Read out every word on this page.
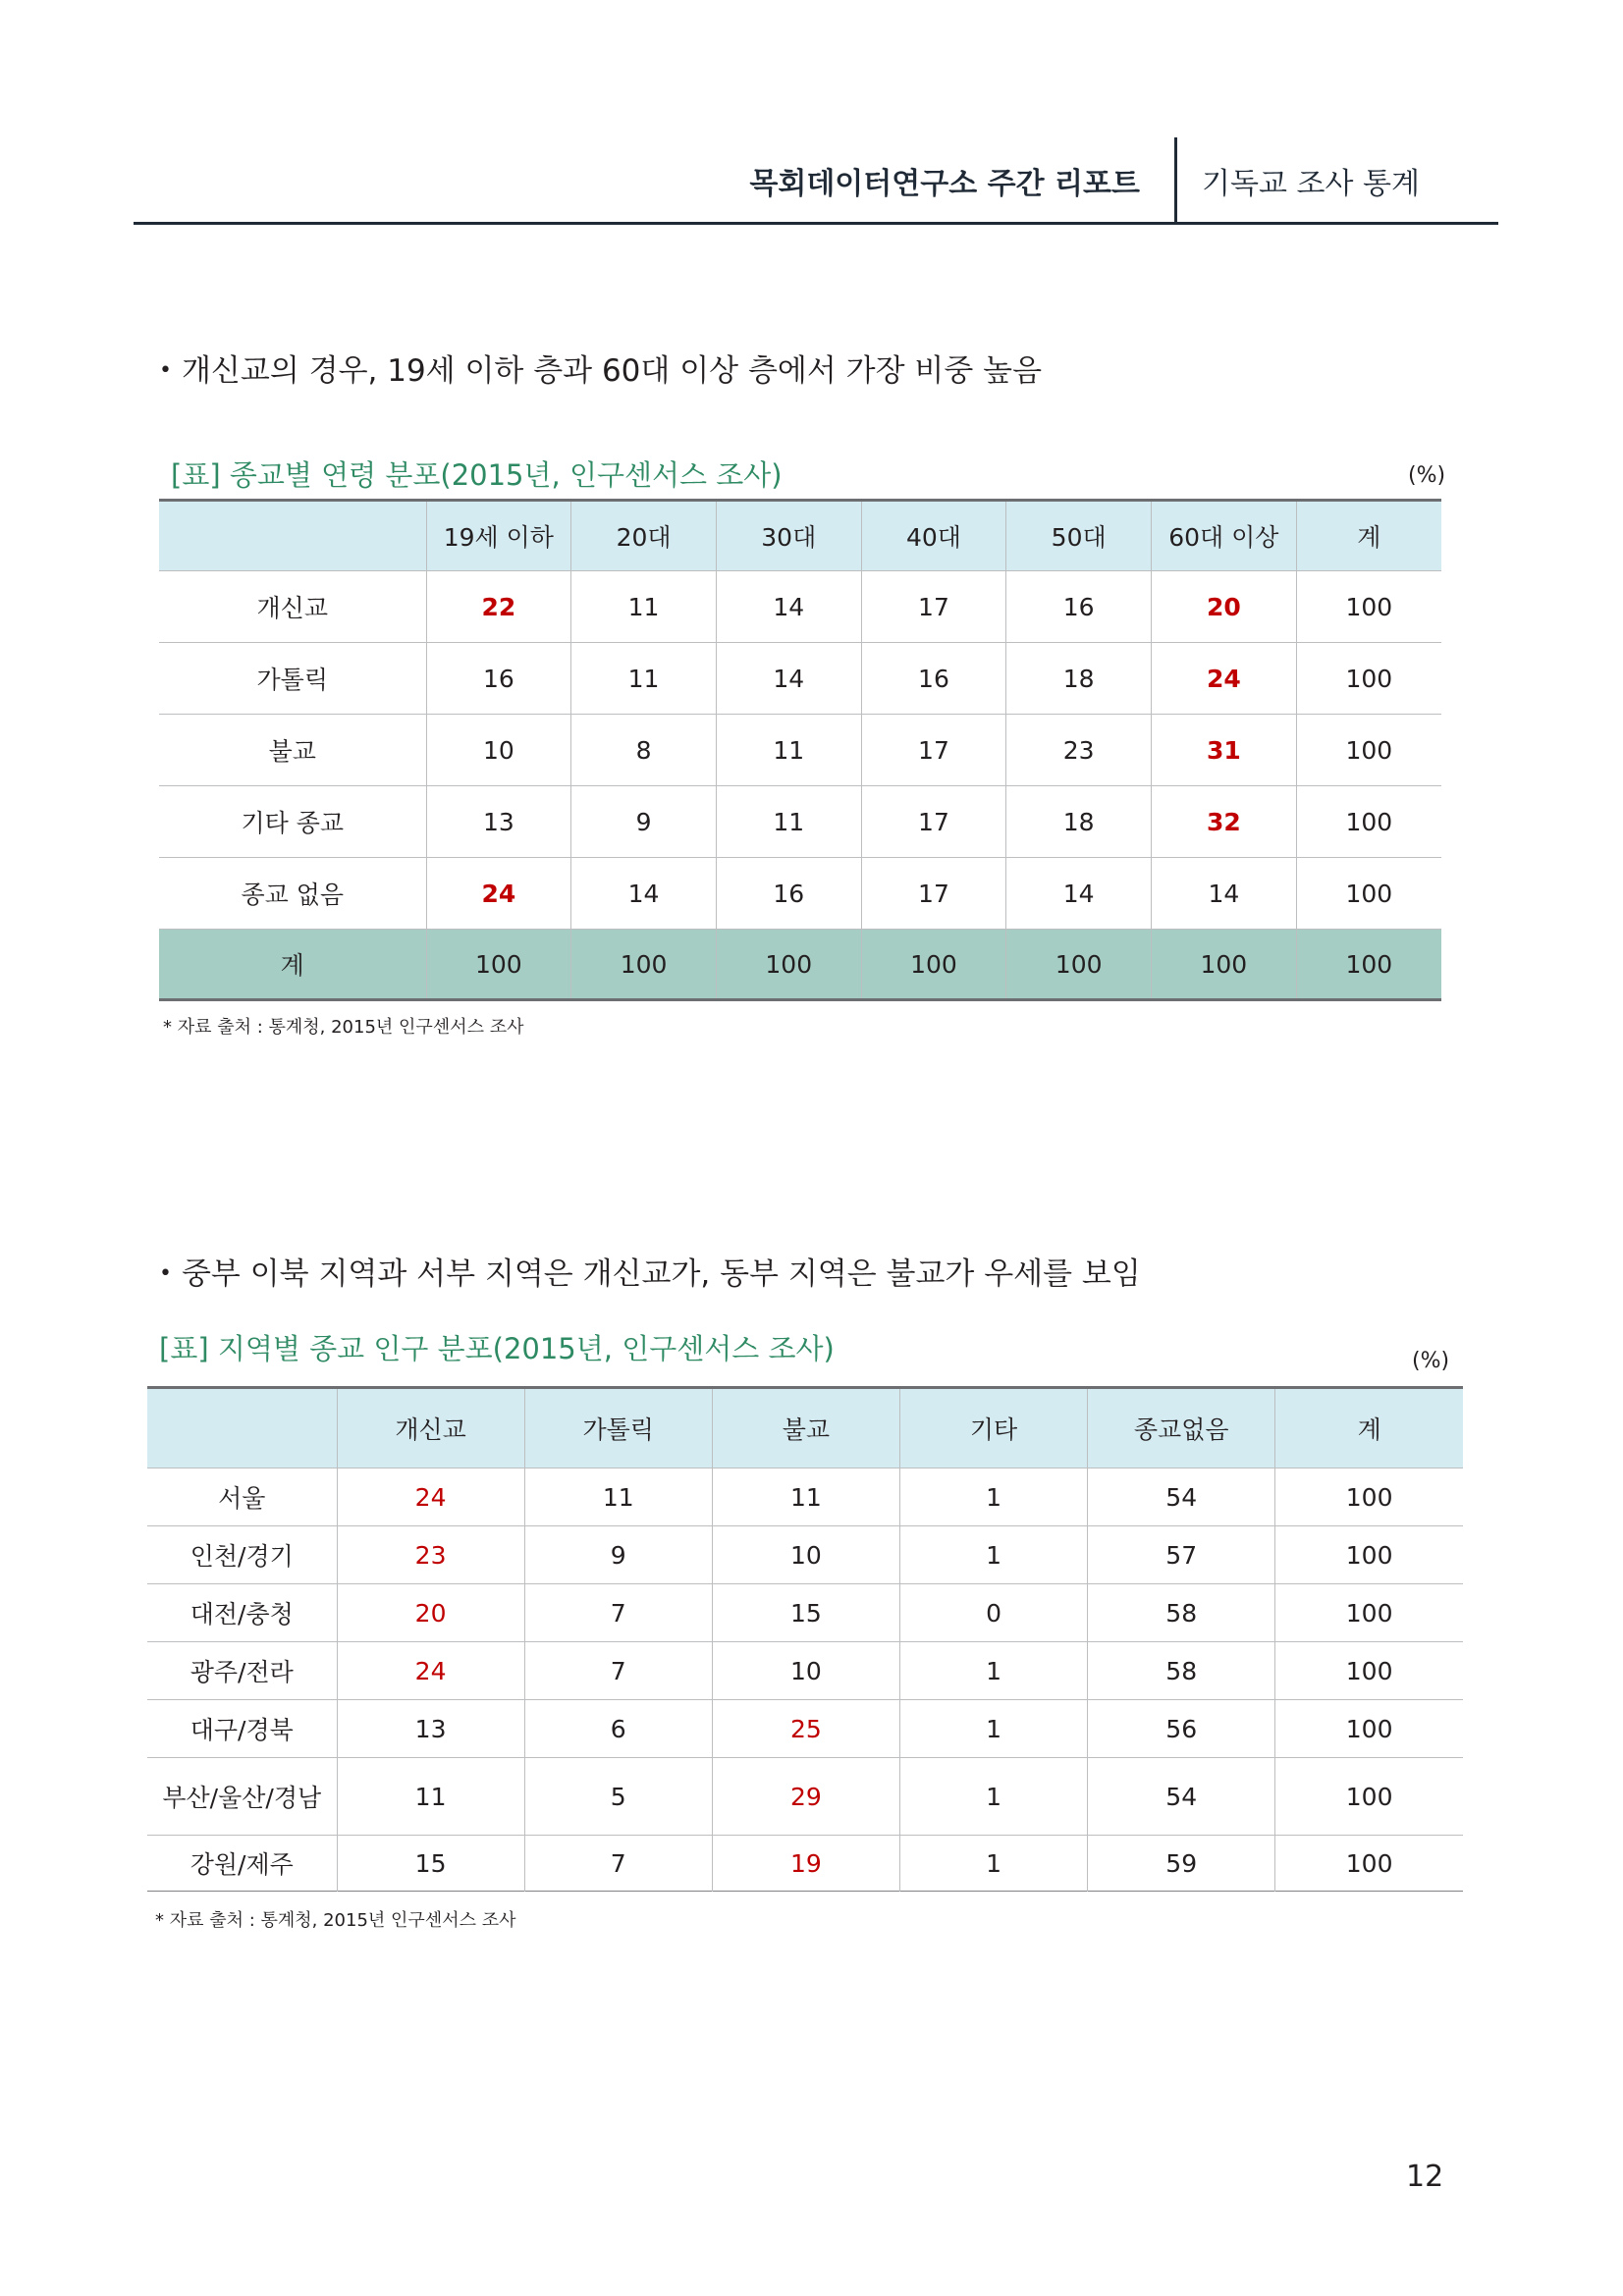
목회데이터연구소 주간 리포트 기독교 조사 통계
• 개신교의 경우, 19세 이하 층과 60대 이상 층에서 가장 비중 높음
[표] 종교별 연령 분포(2015년, 인구센서스 조사)	(%)
	19세 이하	20대	30대	40대	50대	60대 이상	계
개신교	22	11	14	17	16	20	100
가톨릭	16	11	14	16	18	24	100
불교	10	8	11	17	23	31	100
기타 종교	13	9	11	17	18	32	100
종교 없음	24	14	16	17	14	14	100
계	100	100	100	100	100	100	100
* 자료 출처 : 통계청, 2015년 인구센서스 조사
• 중부 이북 지역과 서부 지역은 개신교가, 동부 지역은 불교가 우세를 보임
[표] 지역별 종교 인구 분포(2015년, 인구센서스 조사)	(%)
	개신교	가톨릭	불교	기타	종교없음	계
서울	24	11	11	1	54	100
인천/경기	23	9	10	1	57	100
대전/충청	20	7	15	0	58	100
광주/전라	24	7	10	1	58	100
대구/경북	13	6	25	1	56	100
부산/울산/경남	11	5	29	1	54	100
강원/제주	15	7	19	1	59	100
* 자료 출처 : 통계청, 2015년 인구센서스 조사
12
